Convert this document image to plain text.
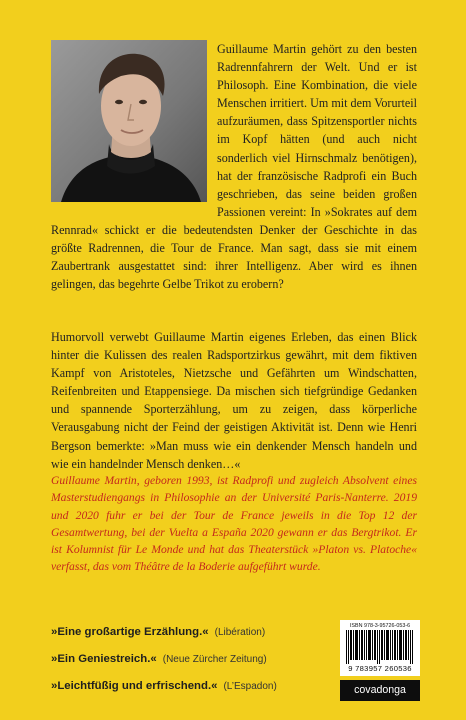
Guillaume Martin gehört zu den besten Radrennfahrern der Welt. Und er ist Philosoph. Eine Kombination, die viele Menschen irritiert. Um mit dem Vorurteil aufzuräumen, dass Spitzensportler nichts im Kopf hätten (und auch nicht sonderlich viel Hirnschmalz benötigen), hat der französische Radprofi ein Buch geschrieben, das seine beiden großen Passionen vereint: In »Sokrates auf dem Rennrad« schickt er die bedeutendsten Denker der Geschichte in das größte Radrennen, die Tour de France. Man sagt, dass sie mit einem Zaubertrank ausgestattet sind: ihrer Intelligenz. Aber wird es ihnen gelingen, das begehrte Gelbe Trikot zu erobern?

Humorvoll verwebt Guillaume Martin eigenes Erleben, das einen Blick hinter die Kulissen des realen Radsportzirkus gewährt, mit dem fiktiven Kampf von Aristoteles, Nietzsche und Gefährten um Windschatten, Reifenbreiten und Etappensiege. Da mischen sich tiefgründige Gedanken und spannende Sporterzählung, um zu zeigen, dass körperliche Verausgabung nicht der Feind der geistigen Aktivität ist. Denn wie Henri Bergson bemerkte: »Man muss wie ein denkender Mensch handeln und wie ein handelnder Mensch denken…«

Guillaume Martin, geboren 1993, ist Radprofi und zugleich Absolvent eines Masterstudiengangs in Philosophie an der Université Paris-Nanterre. 2019 und 2020 fuhr er bei der Tour de France jeweils in die Top 12 der Gesamtwertung, bei der Vuelta a España 2020 gewann er das Bergtrikot. Er ist Kolumnist für Le Monde und hat das Theaterstück »Platon vs. Platoche« verfasst, das vom Théâtre de la Boderie aufgeführt wurde.

»Eine großartige Erzählung.« (Libération)
»Ein Geniestreich.« (Neue Zürcher Zeitung)
»Leichtfüßig und erfrischend.« (L’Espadon)
ISBN 978-3-95726-053-6
9 783957 260536
covadonga
